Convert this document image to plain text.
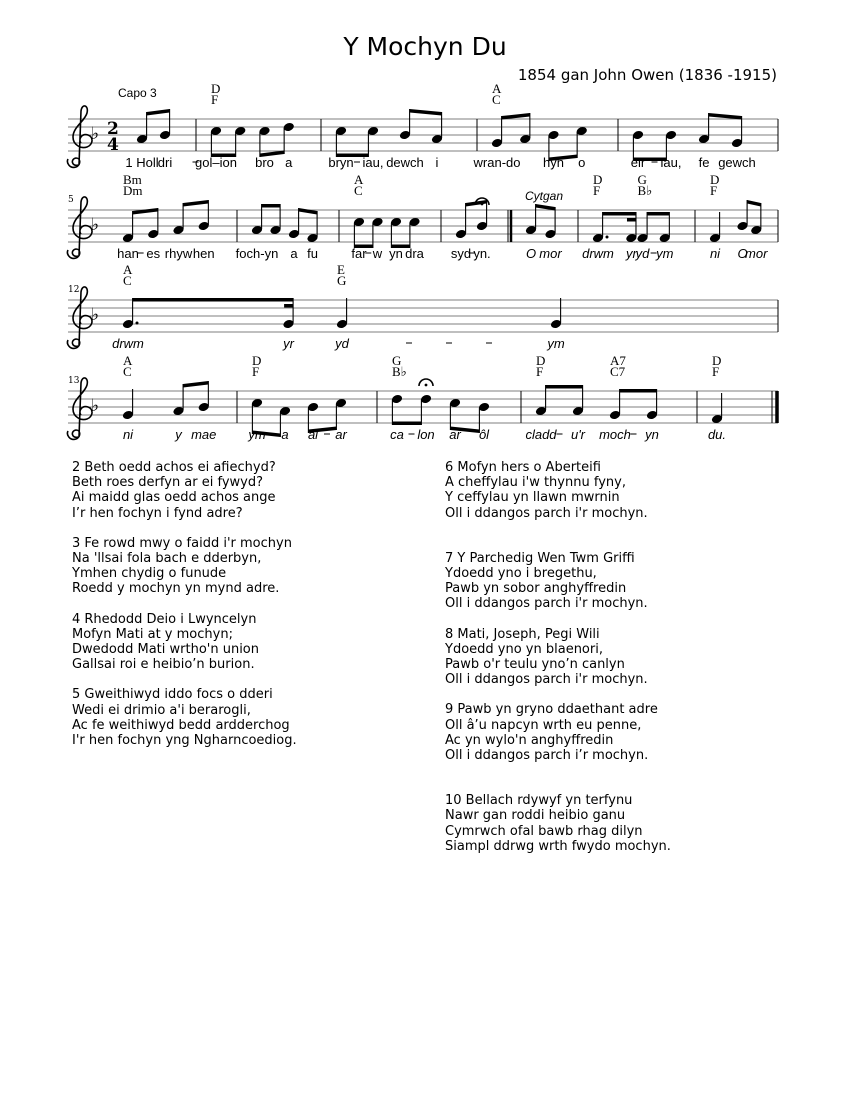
Y Mochyn Du
1854 gan John Owen (1836 -1915)
Capo 3
♭ 2
4
1 Holl dri
D
F
gol–ion bro a	bryn iau, dewch i
A
C
wran-do hyn o	eir iau, fe gewch
♭
5
Bm
Dm
han es rhyw hen foch-yn a fu
A
C
far w yn dra syd yn.
Cytgan
O mor
D
F
drwm yr
G
B♭
yd ym
D
F
ni O
mor
♭
12
A
C
drwm	yr
E
G
yd	ym
♭
13
A
C
ni	y mae
D
F
ym a al ar
G
B♭
ca lon ar ôl
D
F
cladd u'r
A7
C7
moch yn
D
F
du.
2 Beth oedd achos ei afiechyd?
Beth roes derfyn ar ei fywyd?
Ai maidd glas oedd achos ange
I’r hen fochyn i fynd adre?
3 Fe rowd mwy o faidd i'r mochyn
Na 'llsai fola bach e dderbyn,
Ymhen chydig o funude
Roedd y mochyn yn mynd adre.
4 Rhedodd Deio i Lwyncelyn
Mofyn Mati at y mochyn;
Dwedodd Mati wrtho'n union
Gallsai roi e heibio’n burion.
5 Gweithiwyd iddo focs o dderi
Wedi ei drimio a'i berarogli,
Ac fe weithiwyd bedd ardderchog
I'r hen fochyn yng Ngharncoediog.
6 Mofyn hers o Aberteifi
A cheffylau i'w thynnu fyny,
Y ceffylau yn llawn mwrnin
Oll i ddangos parch i'r mochyn.
7 Y Parchedig Wen Twm Griffi
Ydoedd yno i bregethu,
Pawb yn sobor anghyffredin
Oll i ddangos parch i'r mochyn.
8 Mati, Joseph, Pegi Wili
Ydoedd yno yn blaenori,
Pawb o'r teulu yno’n canlyn
Oll i ddangos parch i'r mochyn.
9 Pawb yn gryno ddaethant adre
Oll â’u napcyn wrth eu penne,
Ac yn wylo'n anghyffredin
Oll i ddangos parch i’r mochyn.
10 Bellach rdywyf yn terfynu
Nawr gan roddi heibio ganu
Cymrwch ofal bawb rhag dilyn
Siampl ddrwg wrth fwydo mochyn.
